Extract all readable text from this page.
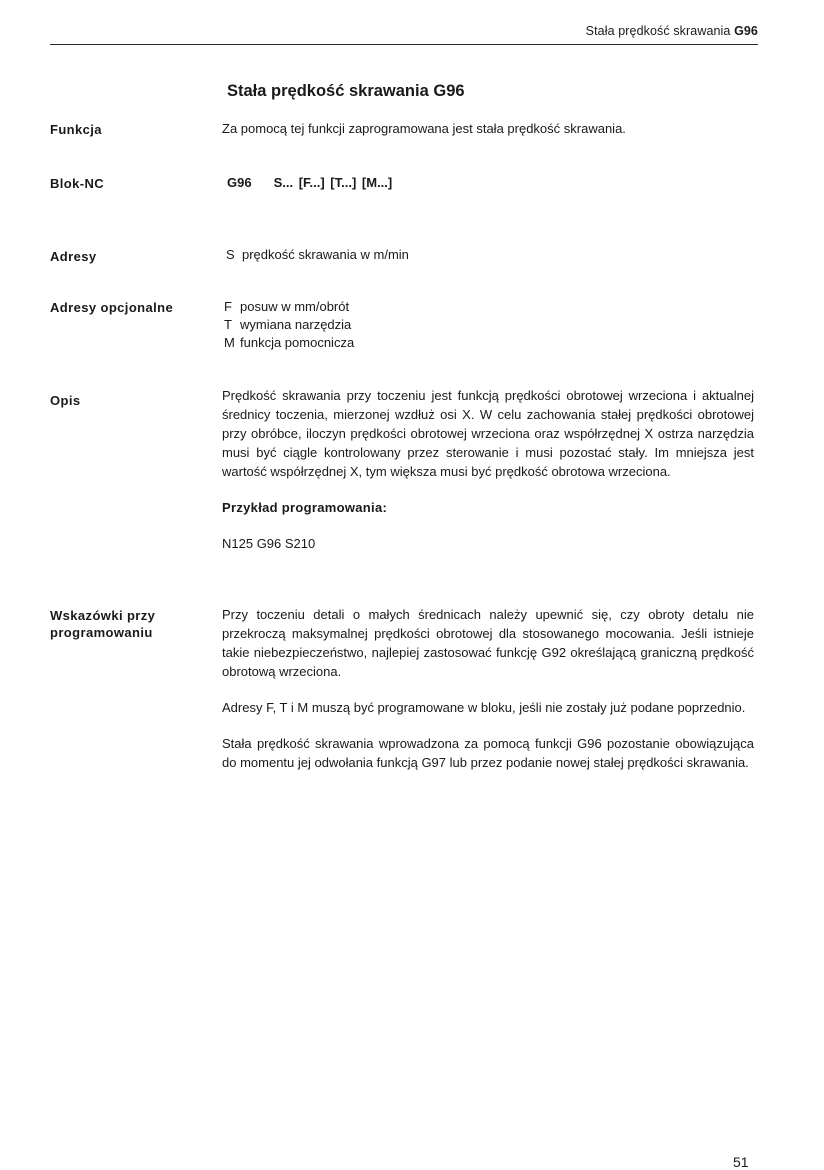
Stała prędkość skrawania G96
Stała prędkość skrawania G96
Funkcja	Za pomocą tej funkcji zaprogramowana jest stała prędkość skrawania.
Blok-NC	G96 S... [F...] [T...] [M...]
Adresy	S prędkość skrawania w m/min
Adresy opcjonalne	F posuw w mm/obrót
T wymiana narzędzia
M funkcja pomocnicza
Opis	Prędkość skrawania przy toczeniu jest funkcją prędkości obrotowej wrzeciona i aktualnej średnicy toczenia, mierzonej wzdłuż osi X. W celu zachowania stałej prędkości obrotowej przy obróbce, iloczyn prędkości obrotowej wrzeciona oraz współrzędnej X ostrza narzędzia musi być ciągle kontrolowany przez sterowanie i musi pozostać stały. Im mniejsza jest wartość współrzędnej X, tym większa musi być prędkość obrotowa wrzeciona.

Przykład programowania:
N125 G96 S210
Wskazówki przy
programowaniu

Przy toczeniu detali o małych średnicach należy upewnić się, czy obroty detalu nie przekroczą maksymalnej prędkości obrotowej dla stosowanego mocowania. Jeśli istnieje takie niebezpieczeństwo, najlepiej zastosować funkcję G92 określającą graniczną prędkość obrotową wrzeciona.

Adresy F, T i M muszą być programowane w bloku, jeśli nie zostały już podane poprzednio.

Stała prędkość skrawania wprowadzona za pomocą funkcji G96 pozostanie obowiązująca do momentu jej odwołania funkcją G97 lub przez podanie nowej stałej prędkości skrawania.

51
